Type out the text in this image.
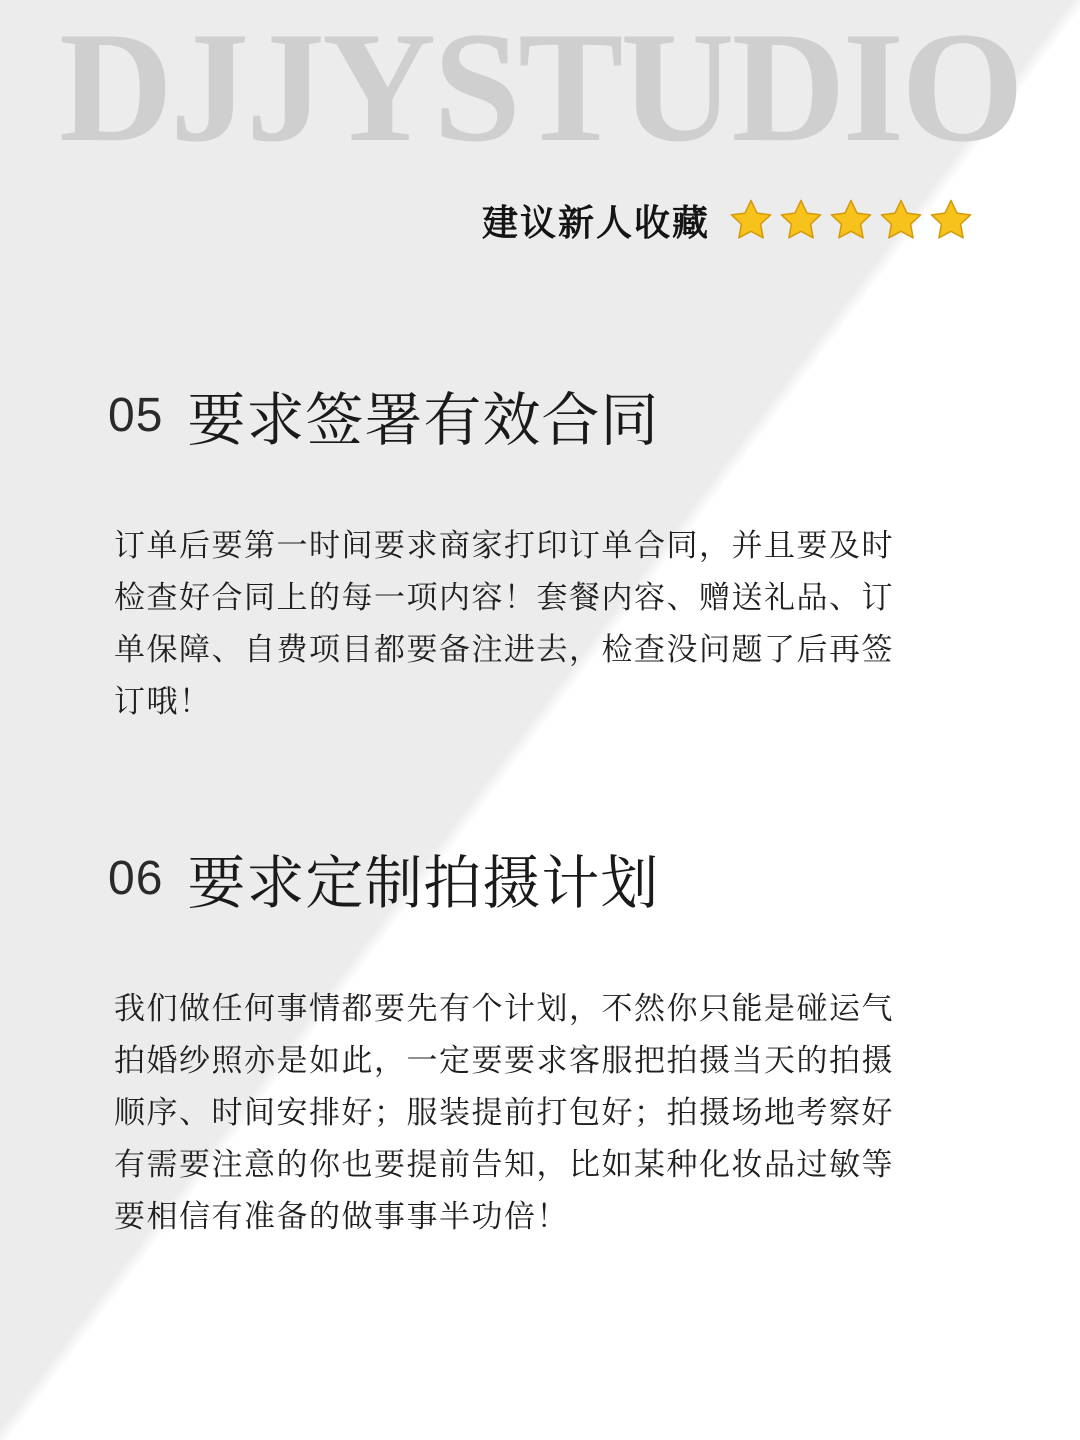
DJJYSTUDIO
建议新人收藏
05 要求签署有效合同
订单后要第一时间要求商家打印订单合同，并且要及时
检查好合同上的每一项内容！套餐内容、赠送礼品、订
单保障、自费项目都要备注进去，检查没问题了后再签
订哦！
06 要求定制拍摄计划
我们做任何事情都要先有个计划，不然你只能是碰运气
拍婚纱照亦是如此，一定要要求客服把拍摄当天的拍摄
顺序、时间安排好；服装提前打包好；拍摄场地考察好
有需要注意的你也要提前告知，比如某种化妆品过敏等
要相信有准备的做事事半功倍！
